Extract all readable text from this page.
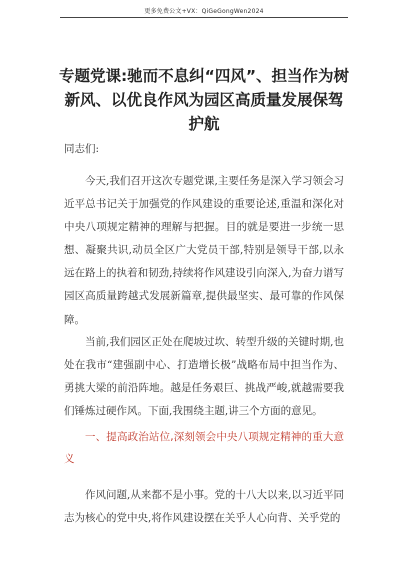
更多免费公文+VX：QiGeGongWen2024
专题党课:驰而不息纠“四风”、担当作为树新风、以优良作风为园区高质量发展保驾护航
同志们:

今天,我们召开这次专题党课,主要任务是深入学习领会习近平总书记关于加强党的作风建设的重要论述,重温和深化对中央八项规定精神的理解与把握。目的就是要进一步统一思想、凝聚共识,动员全区广大党员干部,特别是领导干部,以永远在路上的执着和韧劲,持续将作风建设引向深入,为奋力谱写园区高质量跨越式发展新篇章,提供最坚实、最可靠的作风保障。

当前,我们园区正处在爬坡过坎、转型升级的关键时期,也处在我市“建强副中心、打造增长极”战略布局中担当作为、勇挑大梁的前沿阵地。越是任务艰巨、挑战严峻,就越需要我们锤炼过硬作风。下面,我围绕主题,讲三个方面的意见。

一、提高政治站位,深刻领会中央八项规定精神的重大意义

作风问题,从来都不是小事。党的十八大以来,以习近平同志为核心的党中央,将作风建设摆在关乎人心向背、关乎党的
